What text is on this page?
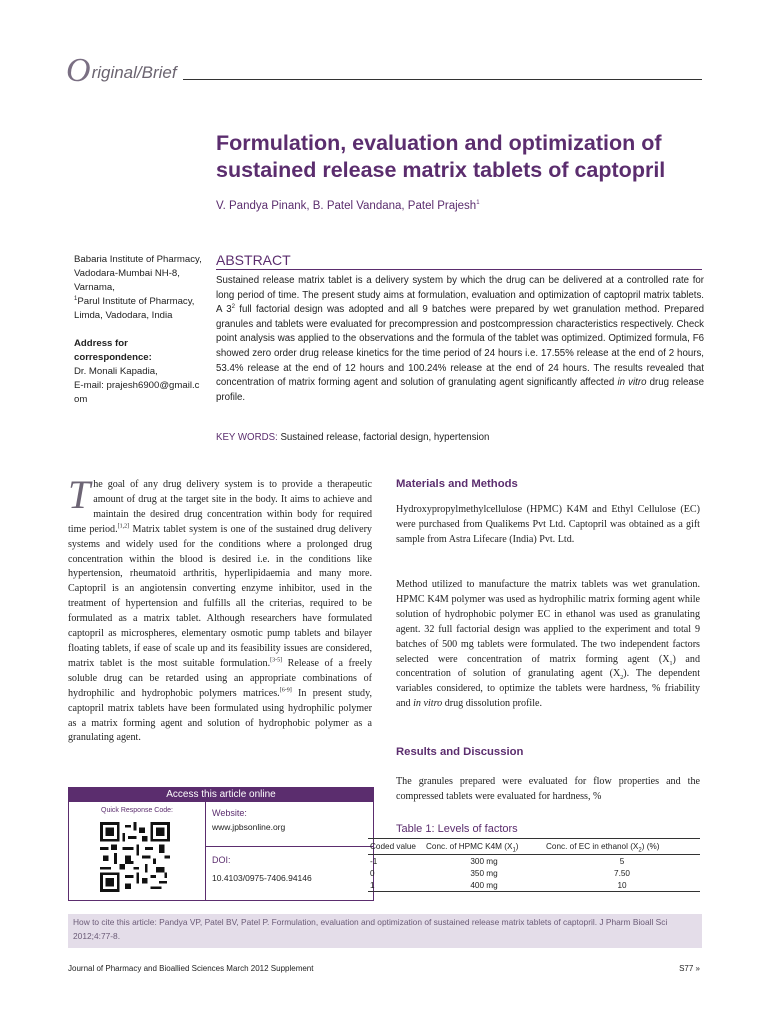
O riginal/Brief
Formulation, evaluation and optimization of sustained release matrix tablets of captopril
V. Pandya Pinank, B. Patel Vandana, Patel Prajesh$^1$
Babaria Institute of Pharmacy, Vadodara-Mumbai NH-8, Varnama,
$^1$Parul Institute of Pharmacy, Limda, Vadodara, India
Address for correspondence:
Dr. Monali Kapadia,
E-mail: prajesh6900@gmail.com
ABSTRACT
Sustained release matrix tablet is a delivery system by which the drug can be delivered at a controlled rate for long period of time. The present study aims at formulation, evaluation and optimization of captopril matrix tablets. A $3^2$ full factorial design was adopted and all 9 batches were prepared by wet granulation method. Prepared granules and tablets were evaluated for precompression and postcompression characteristics respectively. Check point analysis was applied to the observations and the formula of the tablet was optimized. Optimized formula, F6 showed zero order drug release kinetics for the time period of 24 hours i.e. 17.55% release at the end of 2 hours, 53.4% release at the end of 12 hours and 100.24% release at the end of 24 hours. The results revealed that concentration of matrix forming agent and solution of granulating agent significantly affected in vitro drug release profile.
KEY WORDS: Sustained release, factorial design, hypertension
The goal of any drug delivery system is to provide a therapeutic amount of drug at the target site in the body. It aims to achieve and maintain the desired drug concentration within body for required time period.[1,2] Matrix tablet system is one of the sustained drug delivery systems and widely used for the conditions where a prolonged drug concentration within the blood is desired i.e. in the conditions like hypertension, rheumatoid arthritis, hyperlipidaemia and many more. Captopril is an angiotensin converting enzyme inhibitor, used in the treatment of hypertension and fulfills all the criterias, required to be formulated as a matrix tablet. Although researchers have formulated captopril as microspheres, elementary osmotic pump tablets and bilayer floating tablets, if ease of scale up and its feasibility issues are considered, matrix tablet is the most suitable formulation.[3-5] Release of a freely soluble drug can be retarded using an appropriate combinations of hydrophilic and hydrophobic polymers matrices.[6-9] In present study, captopril matrix tablets have been formulated using hydrophilic polymer as a matrix forming agent and solution of hydrophobic polymer as a granulating agent.
Access this article online
Quick Response Code:	Website:
www.jpbsonline.org
DOI:
10.4103/0975-7406.94146
Materials and Methods
Hydroxypropylmethylcellulose (HPMC) K4M and Ethyl Cellulose (EC) were purchased from Qualikems Pvt Ltd. Captopril was obtained as a gift sample from Astra Lifecare (India) Pvt. Ltd.
Method utilized to manufacture the matrix tablets was wet granulation. HPMC K4M polymer was used as hydrophilic matrix forming agent while solution of hydrophobic polymer EC in ethanol was used as granulating agent. 32 full factorial design was applied to the experiment and total 9 batches of 500 mg tablets were formulated. The two independent factors selected were concentration of matrix forming agent $(X_1)$ and concentration of solution of granulating agent $(X_2)$. The dependent variables considered, to optimize the tablets were hardness, % friability and in vitro drug dissolution profile.
Results and Discussion
The granules prepared were evaluated for flow properties and the compressed tablets were evaluated for hardness, %
Table 1: Levels of factors
Coded value	Conc. of HPMC K4M $(X_1)$	Conc. of EC in ethanol $(X_2)$ (%)
-1	300 mg	5
0	350 mg	7.50
1	400 mg	10
How to cite this article: Pandya VP, Patel BV, Patel P. Formulation, evaluation and optimization of sustained release matrix tablets of captopril. J Pharm Bioall Sci 2012;4:77-8.
Journal of Pharmacy and Bioallied Sciences March 2012 Supplement	S77 »
